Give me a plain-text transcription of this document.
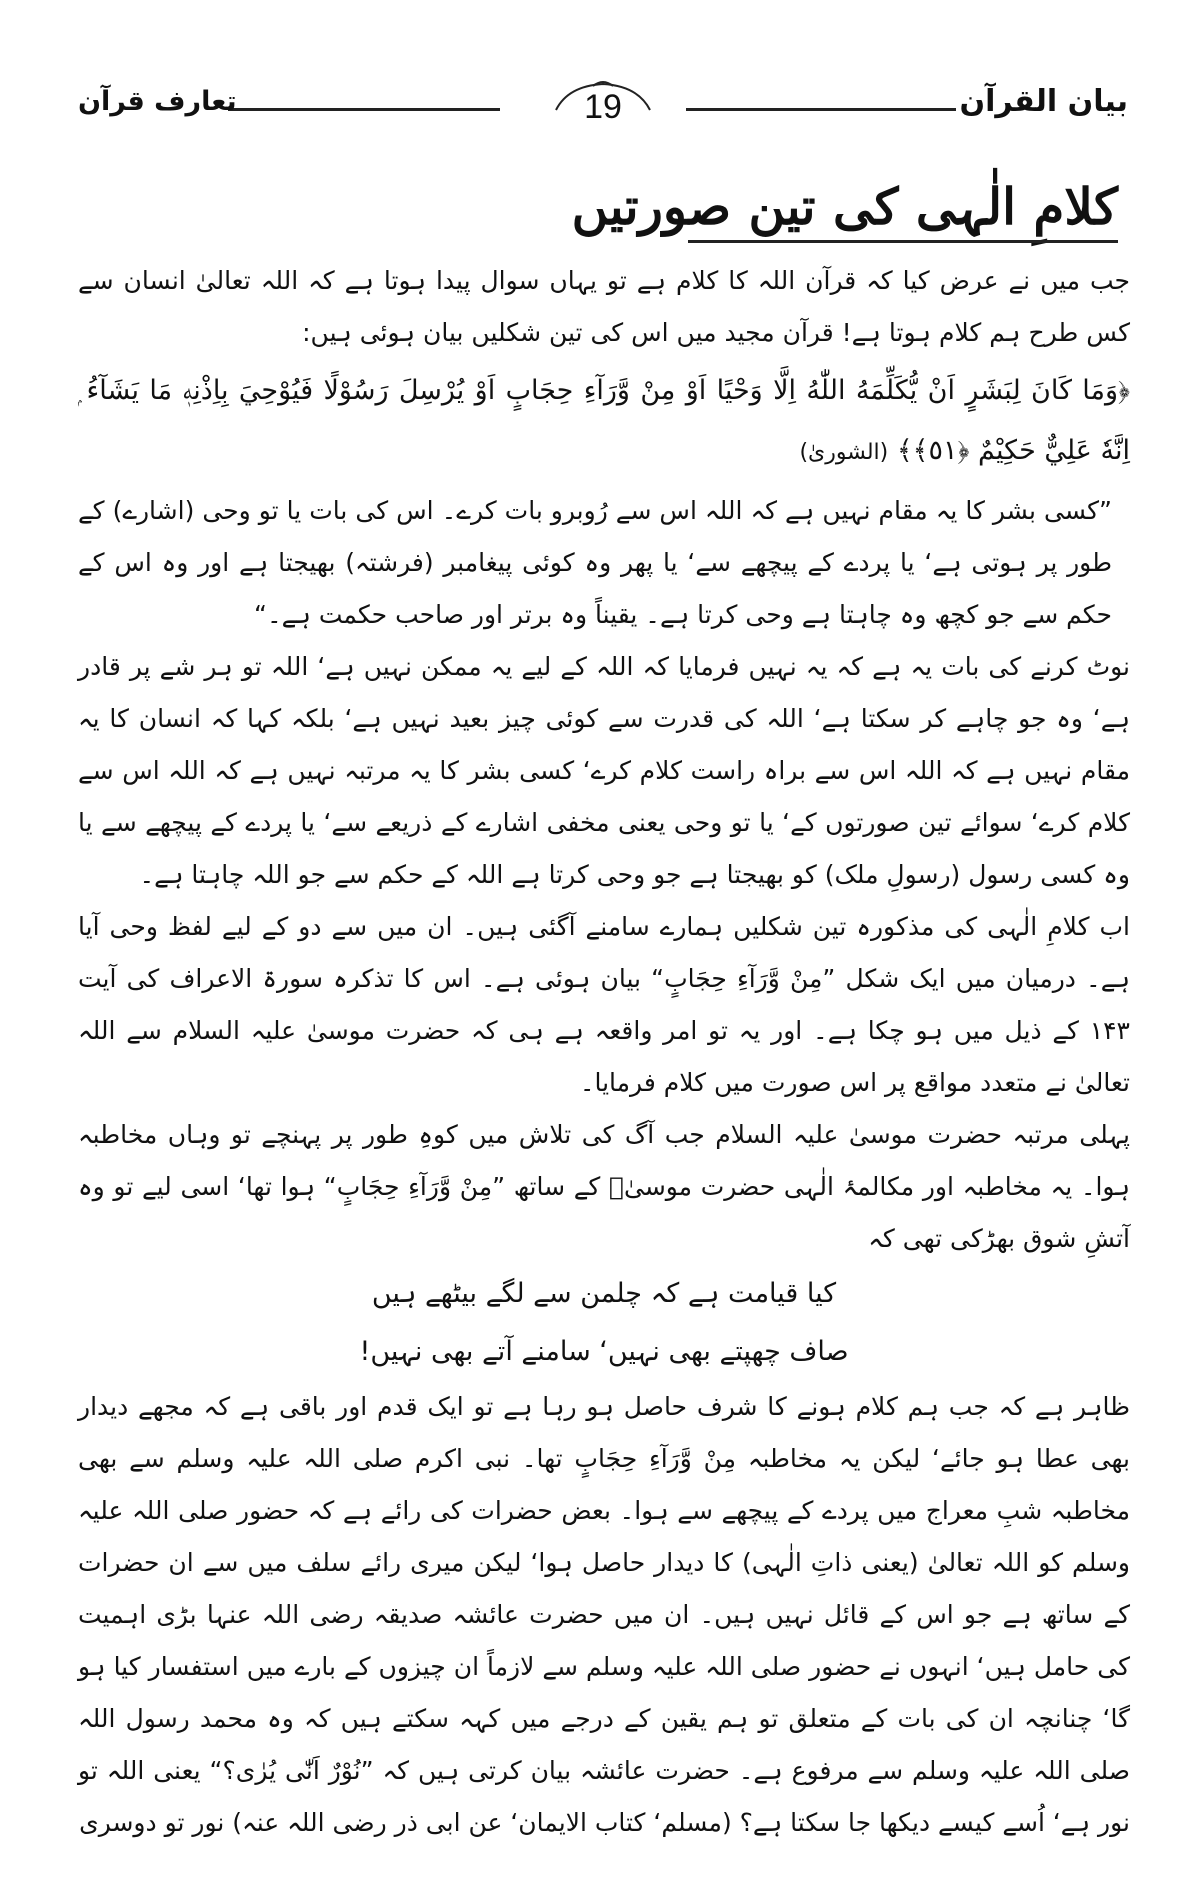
بیان القرآن
19
تعارف قرآن
کلامِ الٰہی کی تین صورتیں

جب میں نے عرض کیا کہ قرآن اللہ کا کلام ہے تو یہاں سوال پیدا ہوتا ہے کہ اللہ تعالیٰ انسان سے کس طرح ہم کلام ہوتا ہے! قرآن مجید میں اس کی تین شکلیں بیان ہوئی ہیں:

﴿وَمَا كَانَ لِبَشَرٍ اَنْ يُّكَلِّمَهُ اللّٰهُ اِلَّا وَحْيًا اَوْ مِنْ وَّرَآءِ حِجَابٍ اَوْ يُرْسِلَ رَسُوْلًا فَيُوْحِيَ بِاِذْنِهٖ مَا يَشَآءُ ۭ اِنَّهٗ عَلِيٌّ حَكِيْمٌ ﴿٥١﴾﴾ (الشوریٰ)

”کسی بشر کا یہ مقام نہیں ہے کہ اللہ اس سے رُوبرو بات کرے۔ اس کی بات یا تو وحی (اشارے) کے طور پر ہوتی ہے‘ یا پردے کے پیچھے سے‘ یا پھر وہ کوئی پیغامبر (فرشتہ) بھیجتا ہے اور وہ اس کے حکم سے جو کچھ وہ چاہتا ہے وحی کرتا ہے۔ یقیناً وہ برتر اور صاحب حکمت ہے۔“

نوٹ کرنے کی بات یہ ہے کہ یہ نہیں فرمایا کہ اللہ کے لیے یہ ممکن نہیں ہے‘ اللہ تو ہر شے پر قادر ہے‘ وہ جو چاہے کر سکتا ہے‘ اللہ کی قدرت سے کوئی چیز بعید نہیں ہے‘ بلکہ کہا کہ انسان کا یہ مقام نہیں ہے کہ اللہ اس سے براہ راست کلام کرے‘ کسی بشر کا یہ مرتبہ نہیں ہے کہ اللہ اس سے کلام کرے‘ سوائے تین صورتوں کے‘ یا تو وحی یعنی مخفی اشارے کے ذریعے سے‘ یا پردے کے پیچھے سے یا وہ کسی رسول (رسولِ ملک) کو بھیجتا ہے جو وحی کرتا ہے اللہ کے حکم سے جو اللہ چاہتا ہے۔

اب کلامِ الٰہی کی مذکورہ تین شکلیں ہمارے سامنے آگئی ہیں۔ ان میں سے دو کے لیے لفظ وحی آیا ہے۔ درمیان میں ایک شکل ”مِنْ وَّرَآءِ حِجَابٍ“ بیان ہوئی ہے۔ اس کا تذکرہ سورۃ الاعراف کی آیت ۱۴۳ کے ذیل میں ہو چکا ہے۔ اور یہ تو امر واقعہ ہے ہی کہ حضرت موسیٰ علیہ السلام سے اللہ تعالیٰ نے متعدد مواقع پر اس صورت میں کلام فرمایا۔

پہلی مرتبہ حضرت موسیٰ علیہ السلام جب آگ کی تلاش میں کوہِ طور پر پہنچے تو وہاں مخاطبہ ہوا۔ یہ مخاطبہ اور مکالمۂ الٰہی حضرت موسیٰؑ کے ساتھ ”مِنْ وَّرَآءِ حِجَابٍ“ ہوا تھا‘ اسی لیے تو وہ آتشِ شوق بھڑکی تھی کہ

کیا قیامت ہے کہ چلمن سے لگے بیٹھے ہیں

صاف چھپتے بھی نہیں‘ سامنے آتے بھی نہیں!

ظاہر ہے کہ جب ہم کلام ہونے کا شرف حاصل ہو رہا ہے تو ایک قدم اور باقی ہے کہ مجھے دیدار بھی عطا ہو جائے‘ لیکن یہ مخاطبہ مِنْ وَّرَآءِ حِجَابٍ تھا۔ نبی اکرم صلی اللہ علیہ وسلم سے بھی مخاطبہ شبِ معراج میں پردے کے پیچھے سے ہوا۔ بعض حضرات کی رائے ہے کہ حضور صلی اللہ علیہ وسلم کو اللہ تعالیٰ (یعنی ذاتِ الٰہی) کا دیدار حاصل ہوا‘ لیکن میری رائے سلف میں سے ان حضرات کے ساتھ ہے جو اس کے قائل نہیں ہیں۔ ان میں حضرت عائشہ صدیقہ رضی اللہ عنہا بڑی اہمیت کی حامل ہیں‘ انہوں نے حضور صلی اللہ علیہ وسلم سے لازماً ان چیزوں کے بارے میں استفسار کیا ہو گا‘ چنانچہ ان کی بات کے متعلق تو ہم یقین کے درجے میں کہہ سکتے ہیں کہ وہ محمد رسول اللہ صلی اللہ علیہ وسلم سے مرفوع ہے۔ حضرت عائشہ بیان کرتی ہیں کہ ”نُوْرٌ اَنّٰی یُرٰی؟“ یعنی اللہ تو نور ہے‘ اُسے کیسے دیکھا جا سکتا ہے؟ (مسلم‘ کتاب الایمان‘ عن ابی ذر رضی اللہ عنہ) نور تو دوسری
